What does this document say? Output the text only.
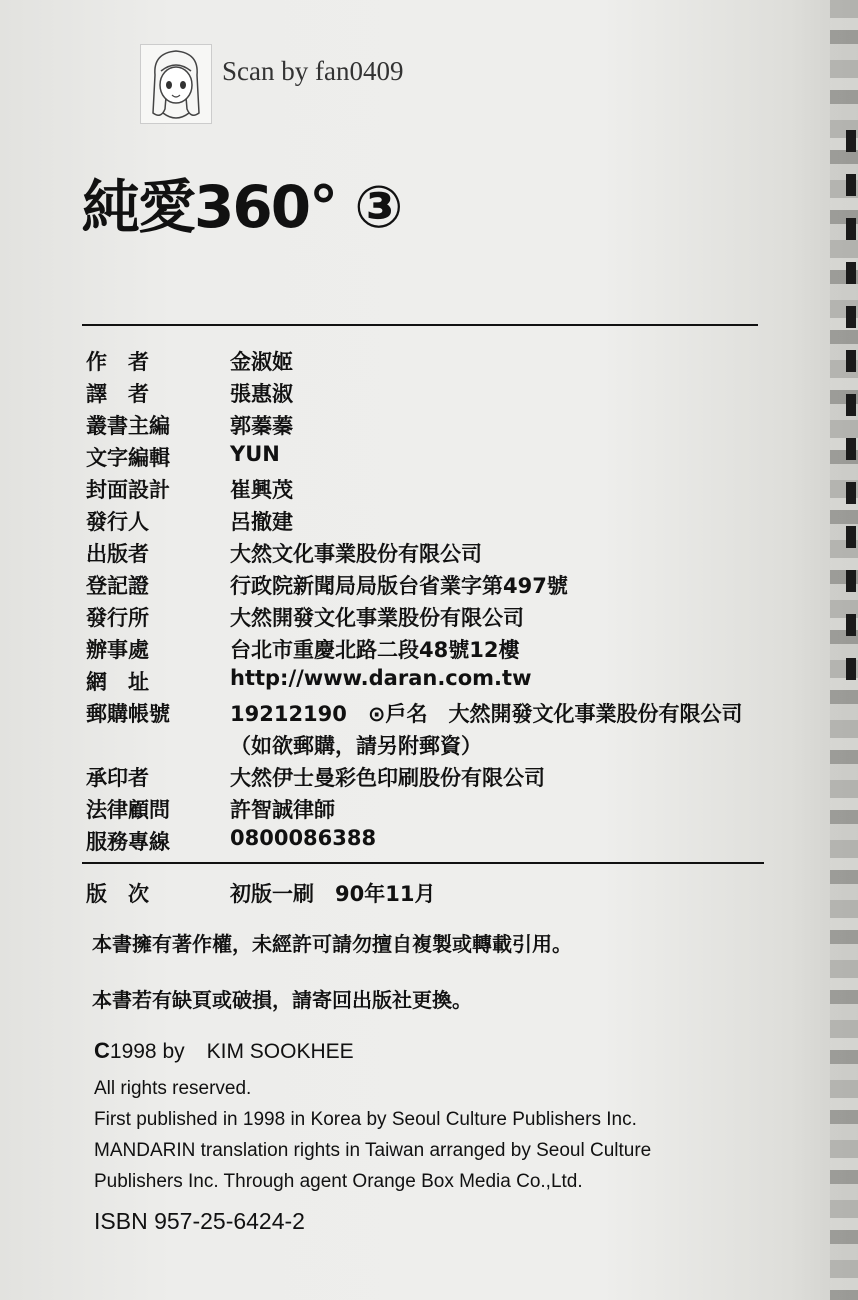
Scan by fan0409
純愛360° ③
作　者	金淑姬
譯　者	張惠淑
叢書主編	郭蓁蓁
文字編輯	YUN
封面設計	崔興茂
發行人	呂撤建
出版者	大然文化事業股份有限公司
登記證	行政院新聞局局版台省業字第497號
發行所	大然開發文化事業股份有限公司
辦事處	台北市重慶北路二段48號12樓
網　址	http://www.daran.com.tw
郵購帳號	19212190　⊙戶名　大然開發文化事業股份有限公司
（如欲郵購，請另附郵資）
承印者	大然伊士曼彩色印刷股份有限公司
法律顧問	許智誠律師
服務專線	0800086388
版　次	初版一刷　90年11月
本書擁有著作權，未經許可請勿擅自複製或轉載引用。
本書若有缺頁或破損，請寄回出版社更換。
C1998 by KIM SOOKHEE
All rights reserved.
First published in 1998 in Korea by Seoul Culture Publishers Inc.
MANDARIN translation rights in Taiwan arranged by Seoul Culture
Publishers Inc. Through agent Orange Box Media Co.,Ltd.
ISBN 957-25-6424-2
